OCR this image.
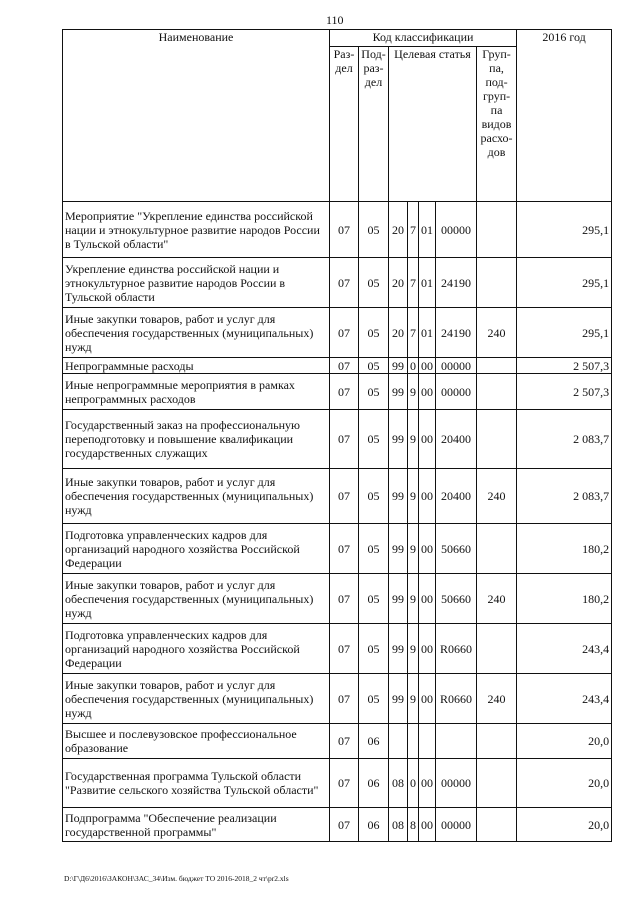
110
Наименование	Код классификации							2016 год
	Раз- дел	Под- раз- дел	Целевая статья				Груп- па, под- груп- па видов расхо- дов	
Мероприятие "Укрепление единства российской нации и этнокультурное развитие народов России в Тульской области"	07	05	20	7	01	00000		295,1
Укрепление единства российской нации и этнокультурное развитие народов России в Тульской области	07	05	20	7	01	24190		295,1
Иные закупки товаров, работ и услуг для обеспечения государственных (муниципальных) нужд	07	05	20	7	01	24190	240	295,1
Непрограммные расходы	07	05	99	0	00	00000		2 507,3
Иные непрограммные мероприятия в рамках непрограммных расходов	07	05	99	9	00	00000		2 507,3
Государственный заказ на профессиональную переподготовку и повышение квалификации государственных служащих	07	05	99	9	00	20400		2 083,7
Иные закупки товаров, работ и услуг для обеспечения государственных (муниципальных) нужд	07	05	99	9	00	20400	240	2 083,7
Подготовка управленческих кадров для организаций народного хозяйства Российской Федерации	07	05	99	9	00	50660		180,2
Иные закупки товаров, работ и услуг для обеспечения государственных (муниципальных) нужд	07	05	99	9	00	50660	240	180,2
Подготовка управленческих кадров для организаций народного хозяйства Российской Федерации	07	05	99	9	00	R0660		243,4
Иные закупки товаров, работ и услуг для обеспечения государственных (муниципальных) нужд	07	05	99	9	00	R0660	240	243,4
Высшее и послевузовское профессиональное образование	07	06						20,0
Государственная программа Тульской области "Развитие сельского хозяйства Тульской области"	07	06	08	0	00	00000		20,0
Подпрограмма "Обеспечение реализации государственной программы"	07	06	08	8	00	00000		20,0
D:\Г\Д6\2016\ЗАКОН\ЗАС_34\Изм. бюджет ТО 2016-2018_2 чт\pr2.xls
